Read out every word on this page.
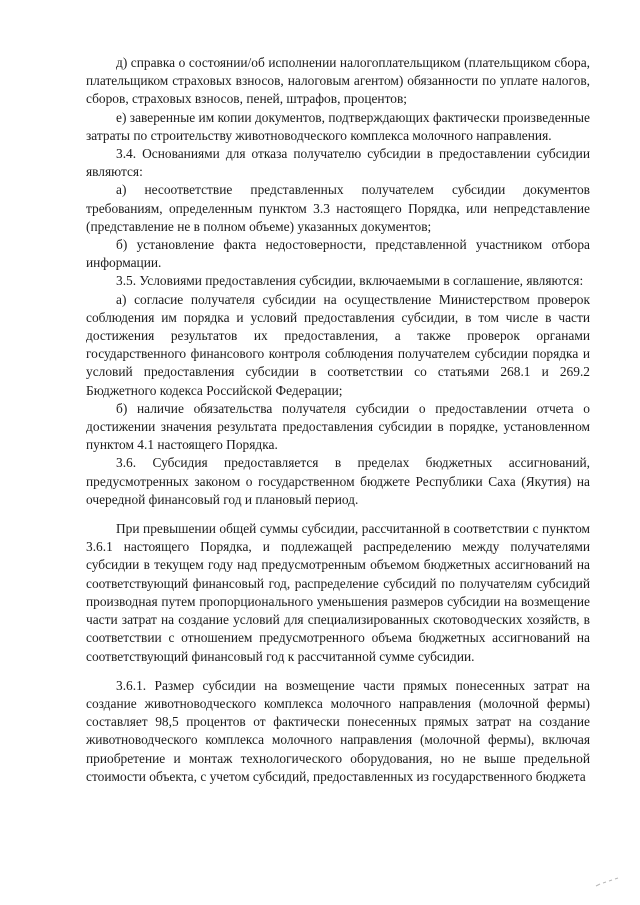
д) справка о состоянии/об исполнении налогоплательщиком (плательщиком сбора, плательщиком страховых взносов, налоговым агентом) обязанности по уплате налогов, сборов, страховых взносов, пеней, штрафов, процентов;

е) заверенные им копии документов, подтверждающих фактически произведенные затраты по строительству животноводческого комплекса молочного направления.

3.4. Основаниями для отказа получателю субсидии в предоставлении субсидии являются:

а) несоответствие представленных получателем субсидии документов требованиям, определенным пунктом 3.3 настоящего Порядка, или непредставление (представление не в полном объеме) указанных документов;

б) установление факта недостоверности, представленной участником отбора информации.

3.5. Условиями предоставления субсидии, включаемыми в соглашение, являются:

а) согласие получателя субсидии на осуществление Министерством проверок соблюдения им порядка и условий предоставления субсидии, в том числе в части достижения результатов их предоставления, а также проверок органами государственного финансового контроля соблюдения получателем субсидии порядка и условий предоставления субсидии в соответствии со статьями 268.1 и 269.2 Бюджетного кодекса Российской Федерации;

б) наличие обязательства получателя субсидии о предоставлении отчета о достижении значения результата предоставления субсидии в порядке, установленном пунктом 4.1 настоящего Порядка.

3.6. Субсидия предоставляется в пределах бюджетных ассигнований, предусмотренных законом о государственном бюджете Республики Саха (Якутия) на очередной финансовый год и плановый период.

При превышении общей суммы субсидии, рассчитанной в соответствии с пунктом 3.6.1 настоящего Порядка, и подлежащей распределению между получателями субсидии в текущем году над предусмотренным объемом бюджетных ассигнований на соответствующий финансовый год, распределение субсидий по получателям субсидий производная путем пропорционального уменьшения размеров субсидии на возмещение части затрат на создание условий для специализированных скотоводческих хозяйств, в соответствии с отношением предусмотренного объема бюджетных ассигнований на соответствующий финансовый год к рассчитанной сумме субсидии.

3.6.1. Размер субсидии на возмещение части прямых понесенных затрат на создание животноводческого комплекса молочного направления (молочной фермы) составляет 98,5 процентов от фактически понесенных прямых затрат на создание животноводческого комплекса молочного направления (молочной фермы), включая приобретение и монтаж технологического оборудования, но не выше предельной стоимости объекта, с учетом субсидий, предоставленных из государственного бюджета
